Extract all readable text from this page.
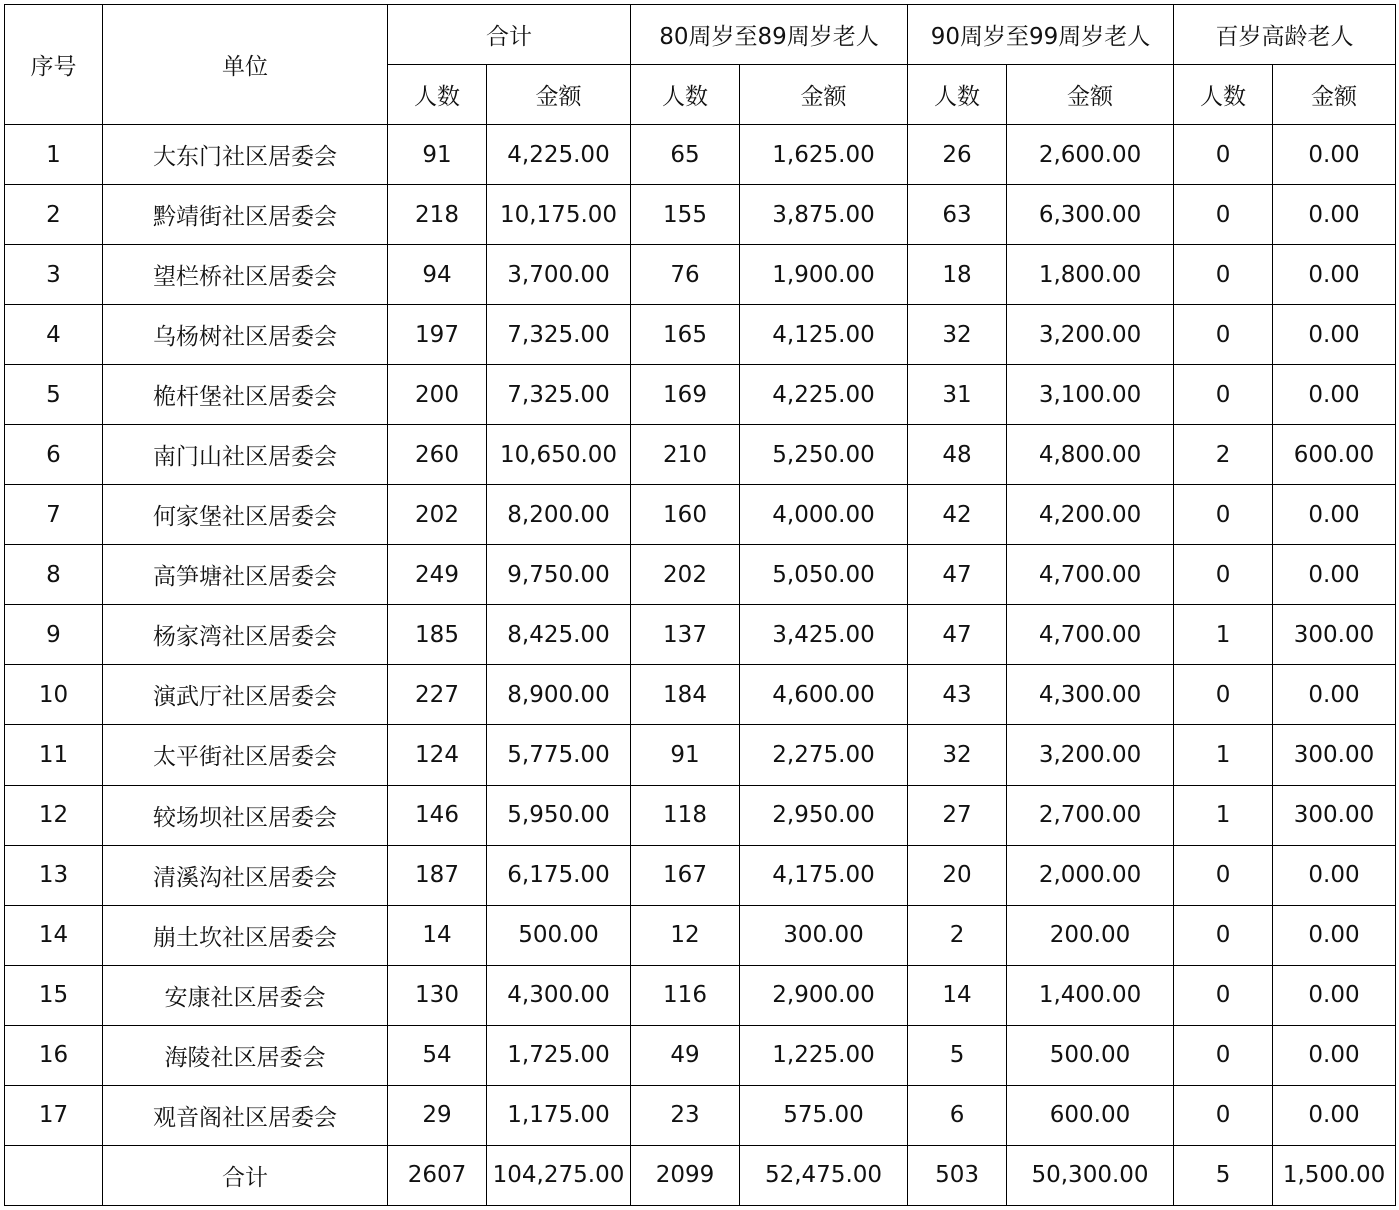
序号	单位	合计		80周岁至89周岁老人		90周岁至99周岁老人		百岁高龄老人	
		人数	金额	人数	金额	人数	金额	人数	金额
1	大东门社区居委会	91	4,225.00	65	1,625.00	26	2,600.00	0	0.00
2	黔靖街社区居委会	218	10,175.00	155	3,875.00	63	6,300.00	0	0.00
3	望栏桥社区居委会	94	3,700.00	76	1,900.00	18	1,800.00	0	0.00
4	乌杨树社区居委会	197	7,325.00	165	4,125.00	32	3,200.00	0	0.00
5	桅杆堡社区居委会	200	7,325.00	169	4,225.00	31	3,100.00	0	0.00
6	南门山社区居委会	260	10,650.00	210	5,250.00	48	4,800.00	2	600.00
7	何家堡社区居委会	202	8,200.00	160	4,000.00	42	4,200.00	0	0.00
8	高笋塘社区居委会	249	9,750.00	202	5,050.00	47	4,700.00	0	0.00
9	杨家湾社区居委会	185	8,425.00	137	3,425.00	47	4,700.00	1	300.00
10	演武厅社区居委会	227	8,900.00	184	4,600.00	43	4,300.00	0	0.00
11	太平街社区居委会	124	5,775.00	91	2,275.00	32	3,200.00	1	300.00
12	较场坝社区居委会	146	5,950.00	118	2,950.00	27	2,700.00	1	300.00
13	清溪沟社区居委会	187	6,175.00	167	4,175.00	20	2,000.00	0	0.00
14	崩土坎社区居委会	14	500.00	12	300.00	2	200.00	0	0.00
15	安康社区居委会	130	4,300.00	116	2,900.00	14	1,400.00	0	0.00
16	海陵社区居委会	54	1,725.00	49	1,225.00	5	500.00	0	0.00
17	观音阁社区居委会	29	1,175.00	23	575.00	6	600.00	0	0.00
	合计	2607	104,275.00	2099	52,475.00	503	50,300.00	5	1,500.00
